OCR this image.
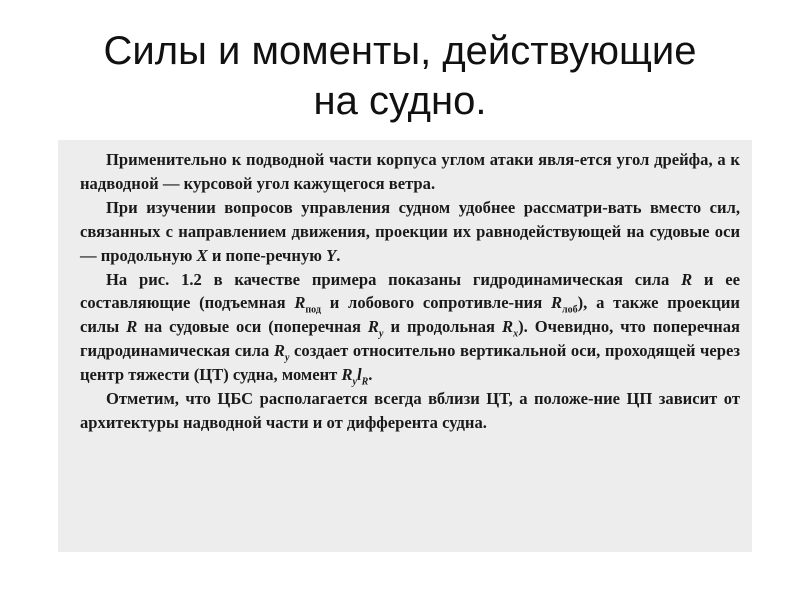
Силы и моменты, действующие
на судно.

Применительно к подводной части корпуса углом атаки явля-ется угол дрейфа, а к надводной — курсовой угол кажущегося ветра.

При изучении вопросов управления судном удобнее рассматри-вать вместо сил, связанных с направлением движения, проекции их равнодействующей на судовые оси — продольную X и попе-речную Y.

На рис. 1.2 в качестве примера показаны гидродинамическая сила R и ее составляющие (подъемная $R_{под}$ и лобового сопротивле-ния $R_{лоб}$), а также проекции силы R на судовые оси (поперечная $R_y$ и продольная $R_x$). Очевидно, что поперечная гидродинамическая сила $R_y$ создает относительно вертикальной оси, проходящей через центр тяжести (ЦТ) судна, момент $R_yl_R$.

Отметим, что ЦБС располагается всегда вблизи ЦТ, а положе-ние ЦП зависит от архитектуры надводной части и от дифферента судна.
